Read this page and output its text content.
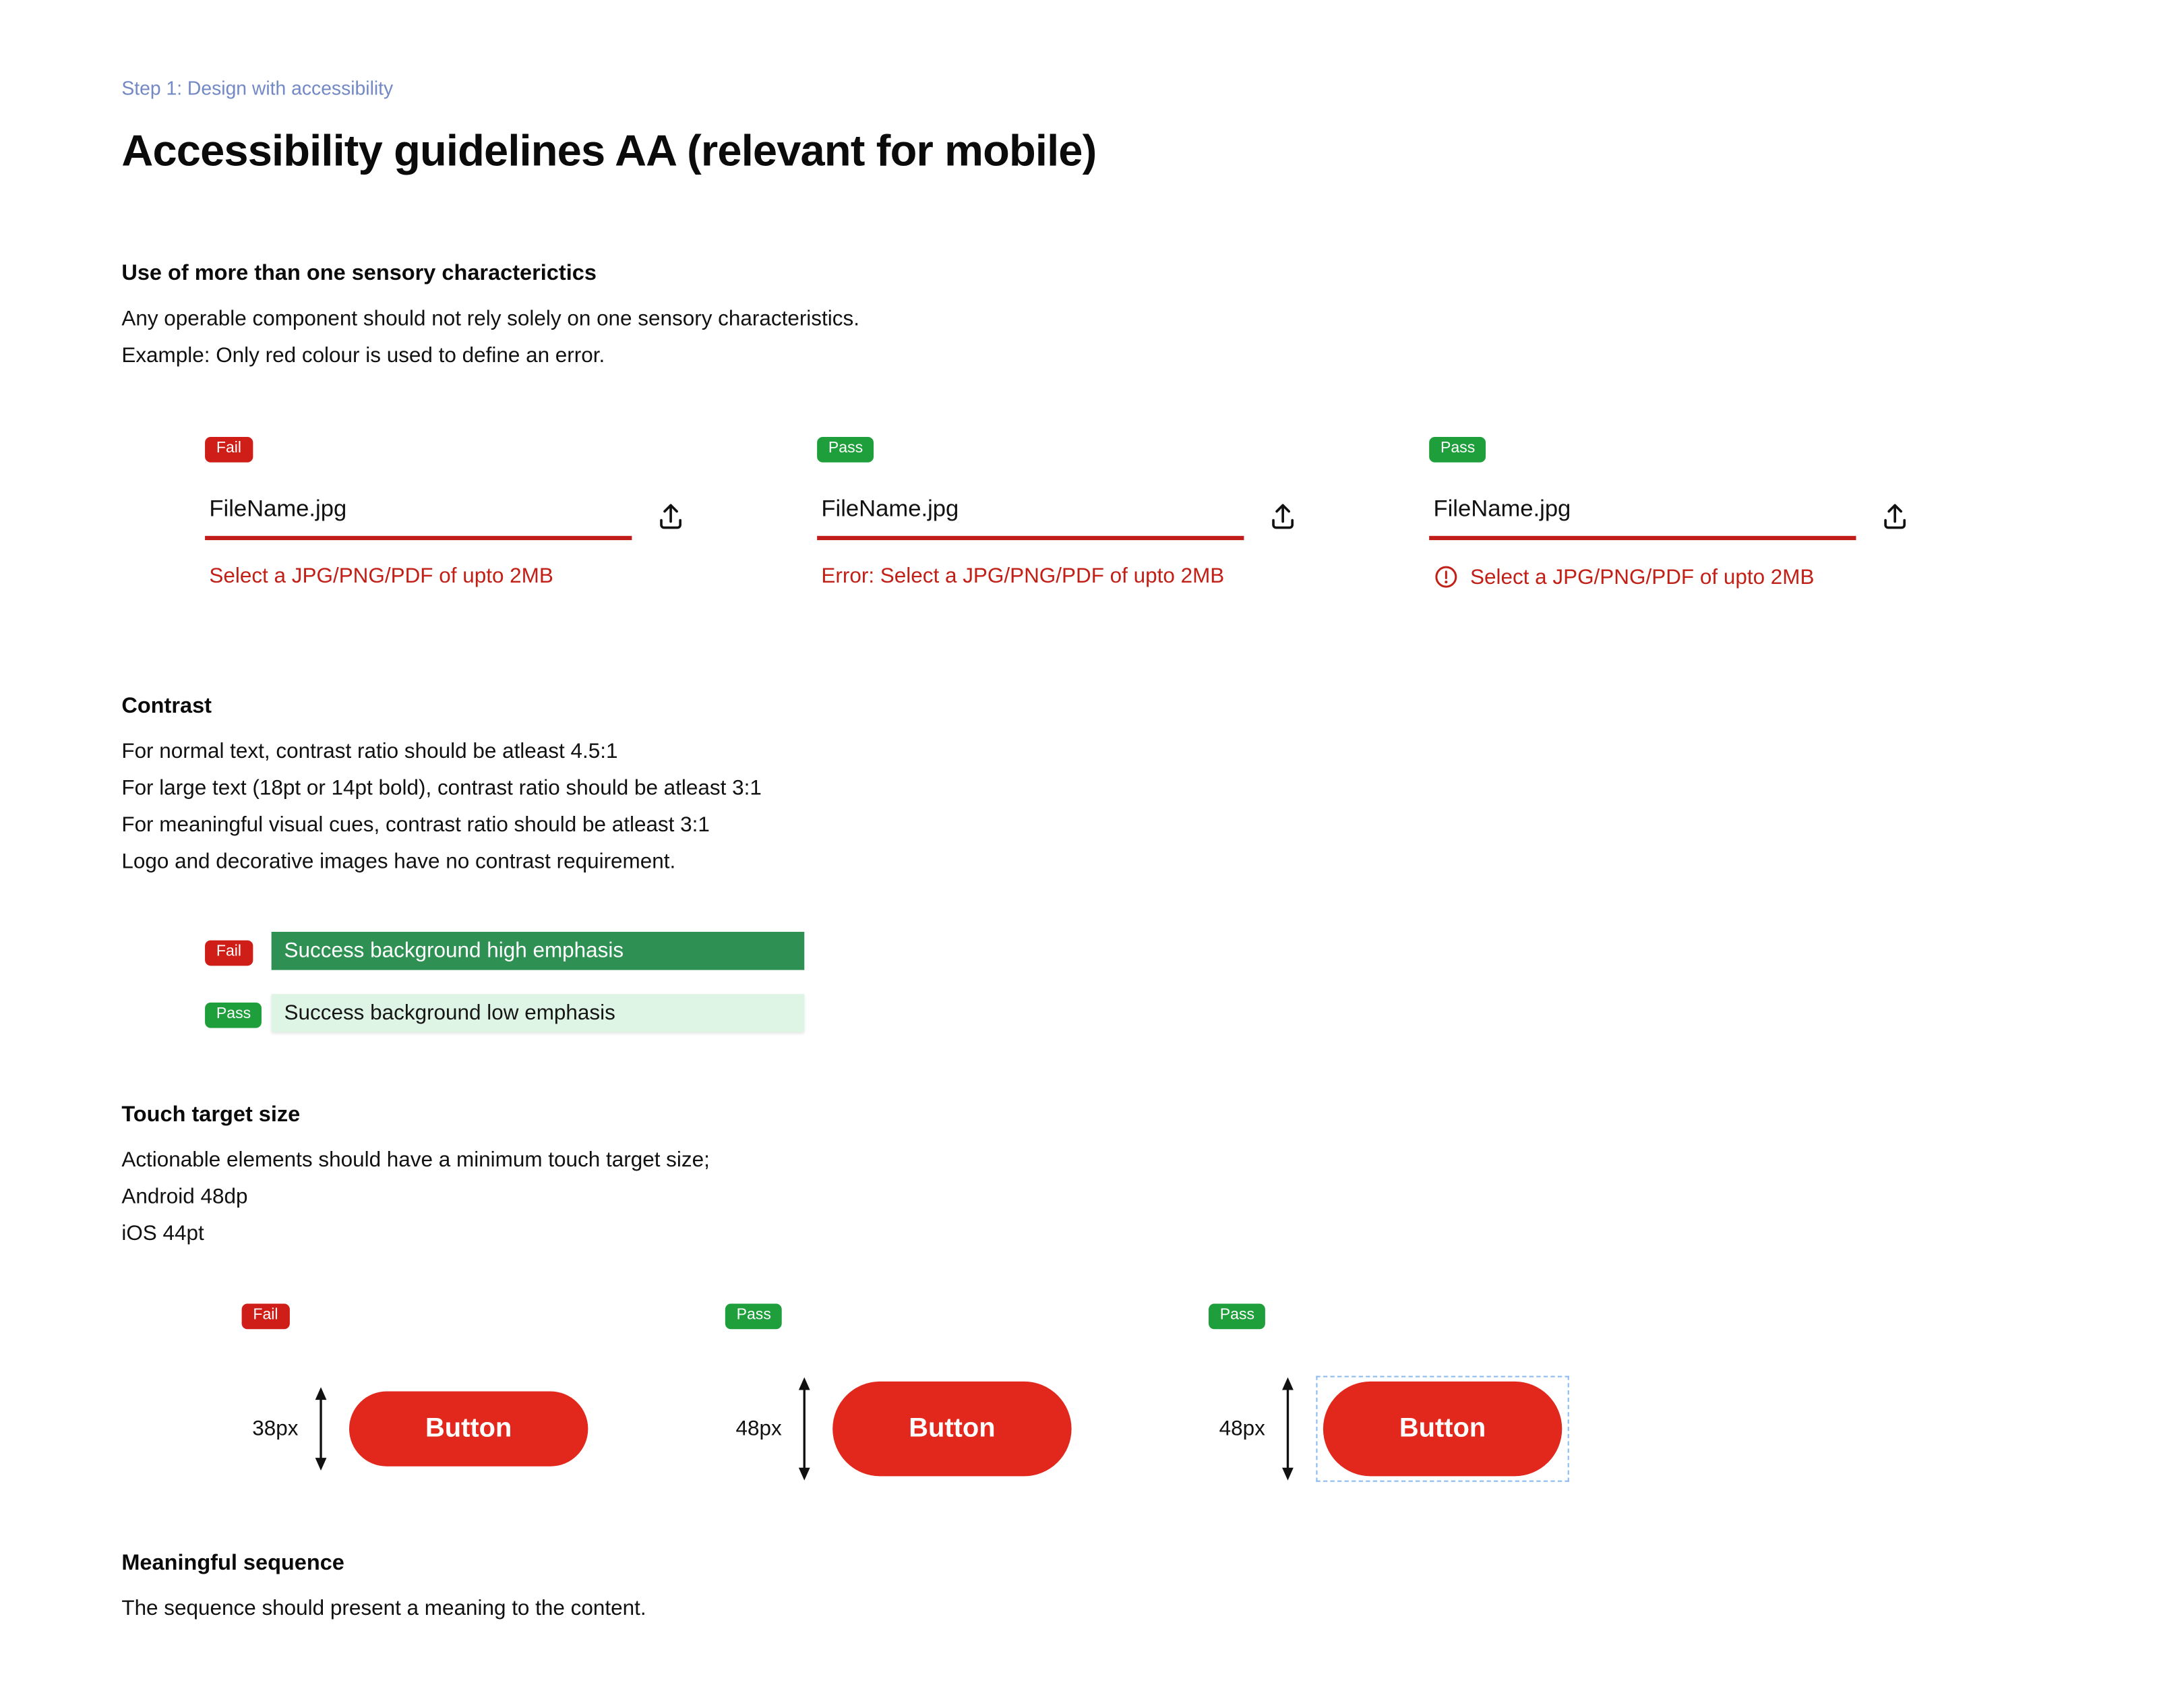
Step 1: Design with accessibility
Accessibility guidelines AA (relevant for mobile)
Use of more than one sensory characterictics

Any operable component should not rely solely on one sensory characteristics.

Example: Only red colour is used to define an error.

Fail
FileName.jpg
Select a JPG/PNG/PDF of upto 2MB
Pass
FileName.jpg
Error: Select a JPG/PNG/PDF of upto 2MB
Pass
FileName.jpg
Select a JPG/PNG/PDF of upto 2MB
Contrast

For normal text, contrast ratio should be atleast 4.5:1

For large text (18pt or 14pt bold), contrast ratio should be atleast 3:1

For meaningful visual cues, contrast ratio should be atleast 3:1

Logo and decorative images have no contrast requirement.

Fail	Success background high emphasis
Pass	Success background low emphasis
Touch target size

Actionable elements should have a minimum touch target size;

Android 48dp

iOS 44pt

Fail
38px	Button
Pass
48px	Button
Pass
48px	Button
Meaningful sequence

The sequence should present a meaning to the content.
